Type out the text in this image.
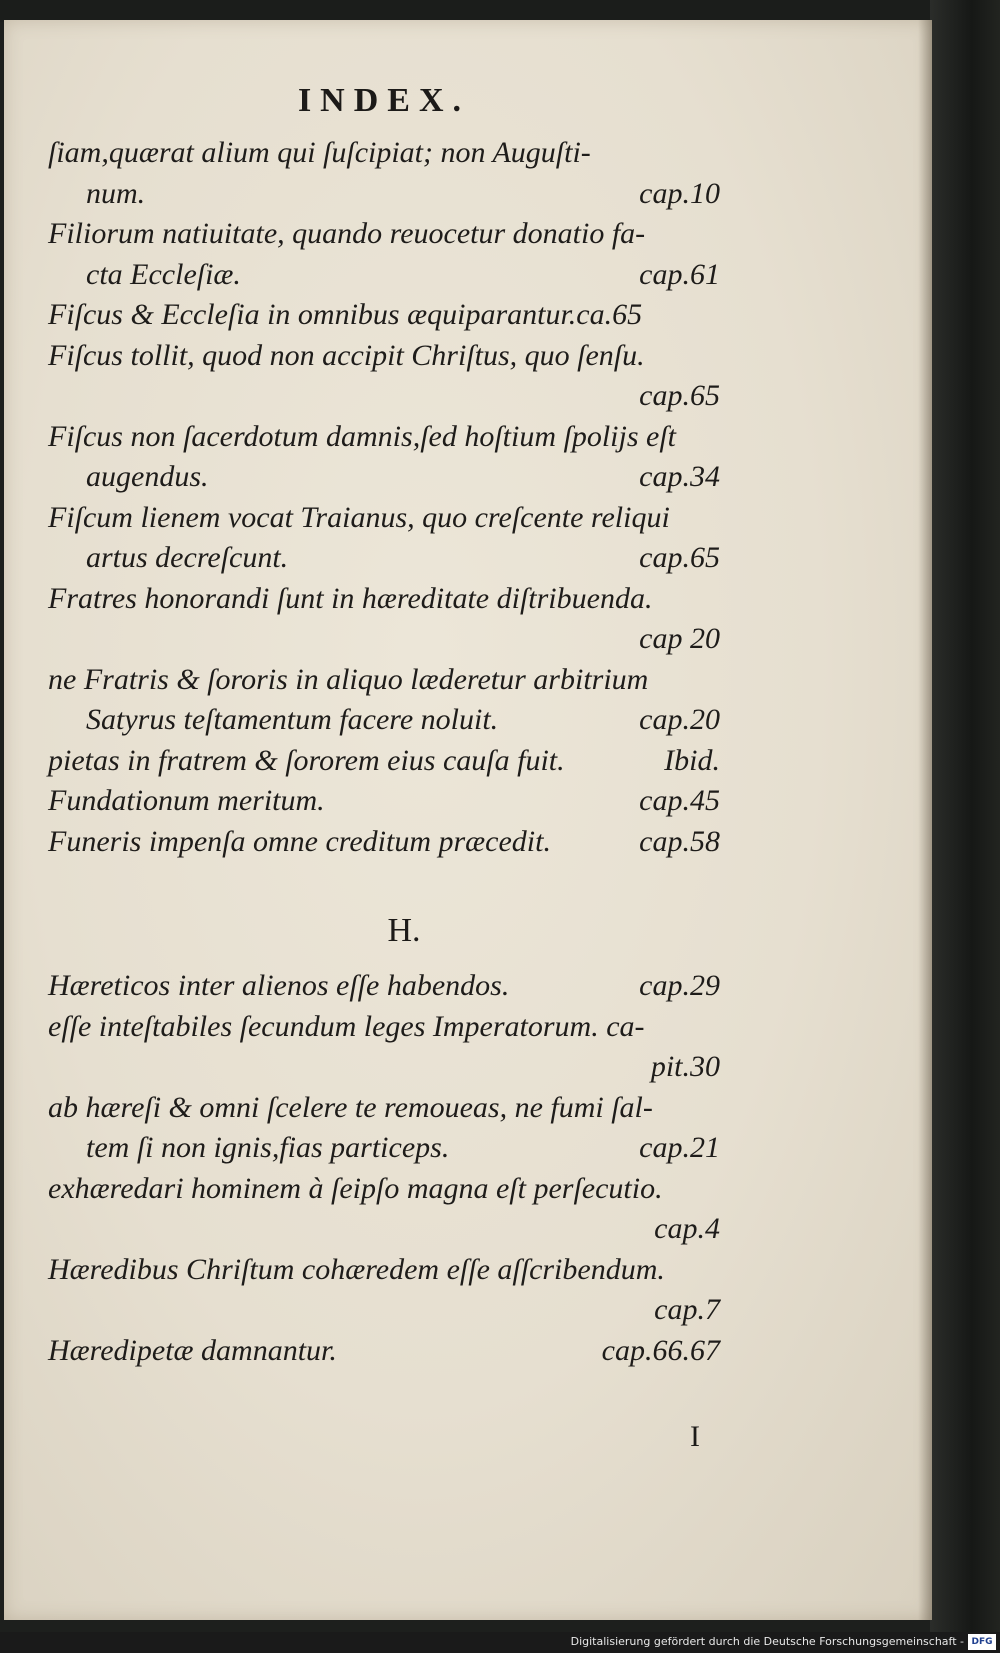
INDEX.
ſiam,quærat alium qui ſuſcipiat; non Auguſti-
num.	cap.10
Filiorum natiuitate, quando reuocetur donatio fa-
cta Eccleſiæ.	cap.61
Fiſcus & Eccleſia in omnibus æquiparantur.ca.65
Fiſcus tollit, quod non accipit Chriſtus, quo ſenſu.
cap.65
Fiſcus non ſacerdotum damnis,ſed hoſtium ſpolijs eſt
augendus.	cap.34
Fiſcum lienem vocat Traianus, quo creſcente reliqui
artus decreſcunt.	cap.65
Fratres honorandi ſunt in hæreditate diſtribuenda.
cap 20
ne Fratris & ſororis in aliquo læderetur arbitrium
Satyrus teſtamentum facere noluit.	cap.20
pietas in fratrem & ſororem eius cauſa fuit.	Ibid.
Fundationum meritum.	cap.45
Funeris impenſa omne creditum præcedit.	cap.58
Hæreticos inter alienos eſſe habendos.	cap.29
eſſe inteſtabiles ſecundum leges Imperatorum. ca-
pit.30
ab hæreſi & omni ſcelere te remoueas, ne fumi ſal-
tem ſi non ignis,fias particeps.	cap.21
exhæredari hominem à ſeipſo magna eſt perſecutio.
cap.4
Hæredibus Chriſtum cohæredem eſſe aſſcribendum.
cap.7
Hæredipetæ damnantur.	cap.66.67
H.
I
Digitalisierung gefördert durch die Deutsche Forschungsgemeinschaft - DFG
